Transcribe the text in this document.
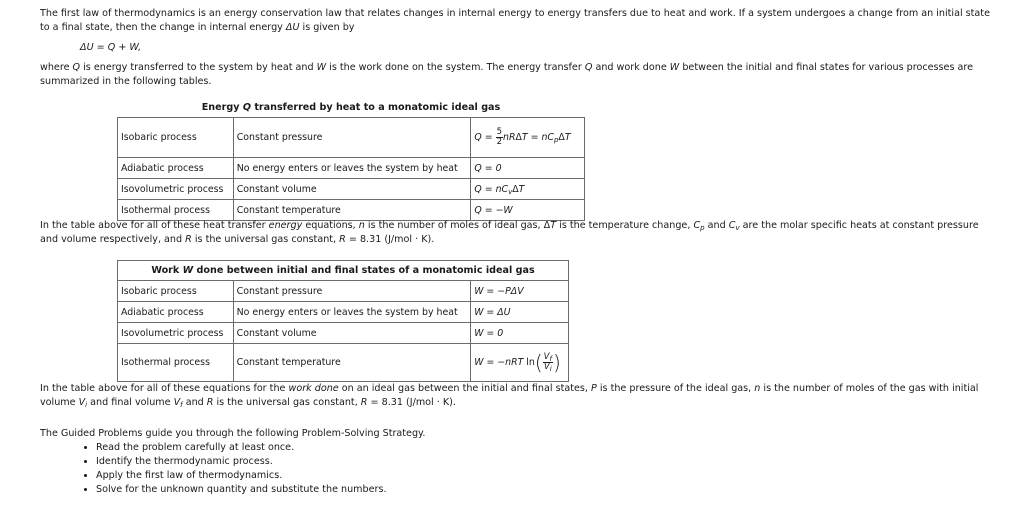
The first law of thermodynamics is an energy conservation law that relates changes in internal energy to energy transfers due to heat and work. If a system undergoes a change from an initial state
to a final state, then the change in internal energy ΔU is given by
ΔU = Q + W,
where Q is energy transferred to the system by heat and W is the work done on the system. The energy transfer Q and work done W between the initial and final states for various processes are
summarized in the following tables.
Energy Q transferred by heat to a monatomic ideal gas
Isobaric process	Constant pressure	$Q = \frac{5}{2}$ $nR\Delta T = nC_p\Delta T$
Adiabatic process	No energy enters or leaves the system by heat	Q = 0
Isovolumetric process	Constant volume	$Q = nC_v\Delta T$
Isothermal process	Constant temperature	Q = −W
In the table above for all of these heat transfer energy equations, n is the number of moles of ideal gas, ΔT is the temperature change, $C_p$ and $C_v$ are the molar specific heats at constant pressure
and volume respectively, and R is the universal gas constant, R = 8.31 (J/mol · K).
Work W done between initial and final states of a monatomic ideal gas		
Isobaric process	Constant pressure	W = −PΔV
Adiabatic process	No energy enters or leaves the system by heat	W = ΔU
Isovolumetric process	Constant volume	W = 0
Isothermal process	Constant temperature	W = −nRT $\ln( \frac{V_f}{V_i}$ )
In the table above for all of these equations for the work done on an ideal gas between the initial and final states, P is the pressure of the ideal gas, n is the number of moles of the gas with initial
volume $V_i$ and final volume $V_f$ and R is the universal gas constant, R = 8.31 (J/mol · K).
The Guided Problems guide you through the following Problem-Solving Strategy.
• Read the problem carefully at least once.
• Identify the thermodynamic process.
• Apply the first law of thermodynamics.
• Solve for the unknown quantity and substitute the numbers.
